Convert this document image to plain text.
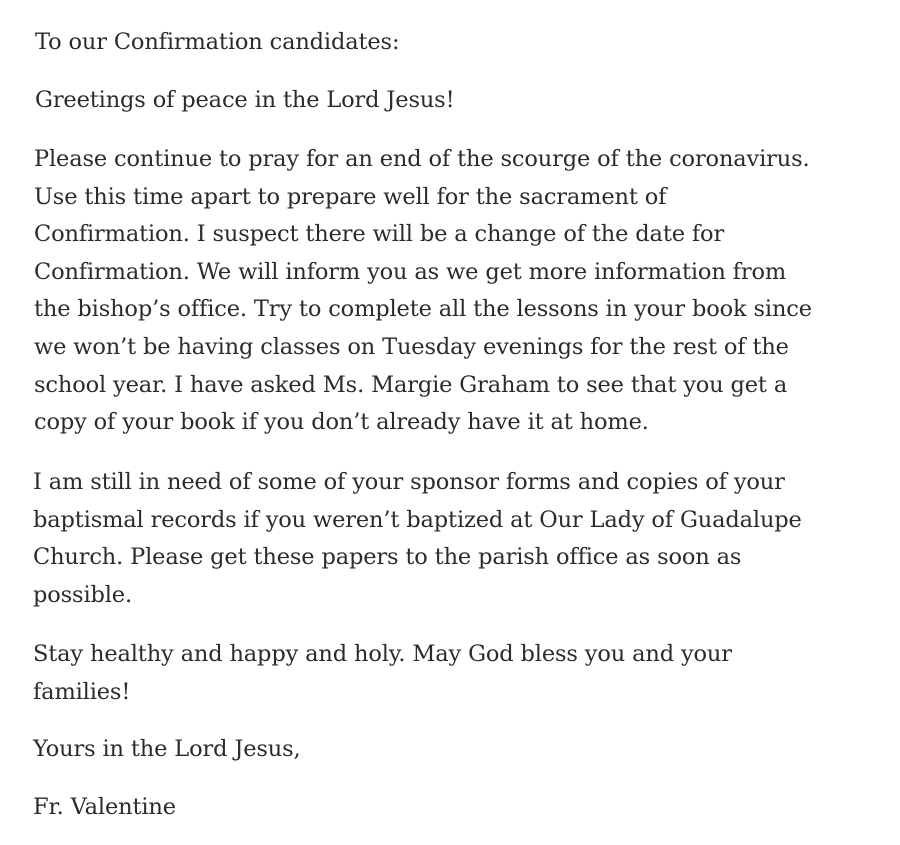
To our Confirmation candidates:

Greetings of peace in the Lord Jesus!

Please continue to pray for an end of the scourge of the coronavirus.
Use this time apart to prepare well for the sacrament of
Confirmation. I suspect there will be a change of the date for
Confirmation. We will inform you as we get more information from
the bishop’s office. Try to complete all the lessons in your book since
we won’t be having classes on Tuesday evenings for the rest of the
school year. I have asked Ms. Margie Graham to see that you get a
copy of your book if you don’t already have it at home.

I am still in need of some of your sponsor forms and copies of your
baptismal records if you weren’t baptized at Our Lady of Guadalupe
Church. Please get these papers to the parish office as soon as
possible.

Stay healthy and happy and holy. May God bless you and your
families!

Yours in the Lord Jesus,

Fr. Valentine
